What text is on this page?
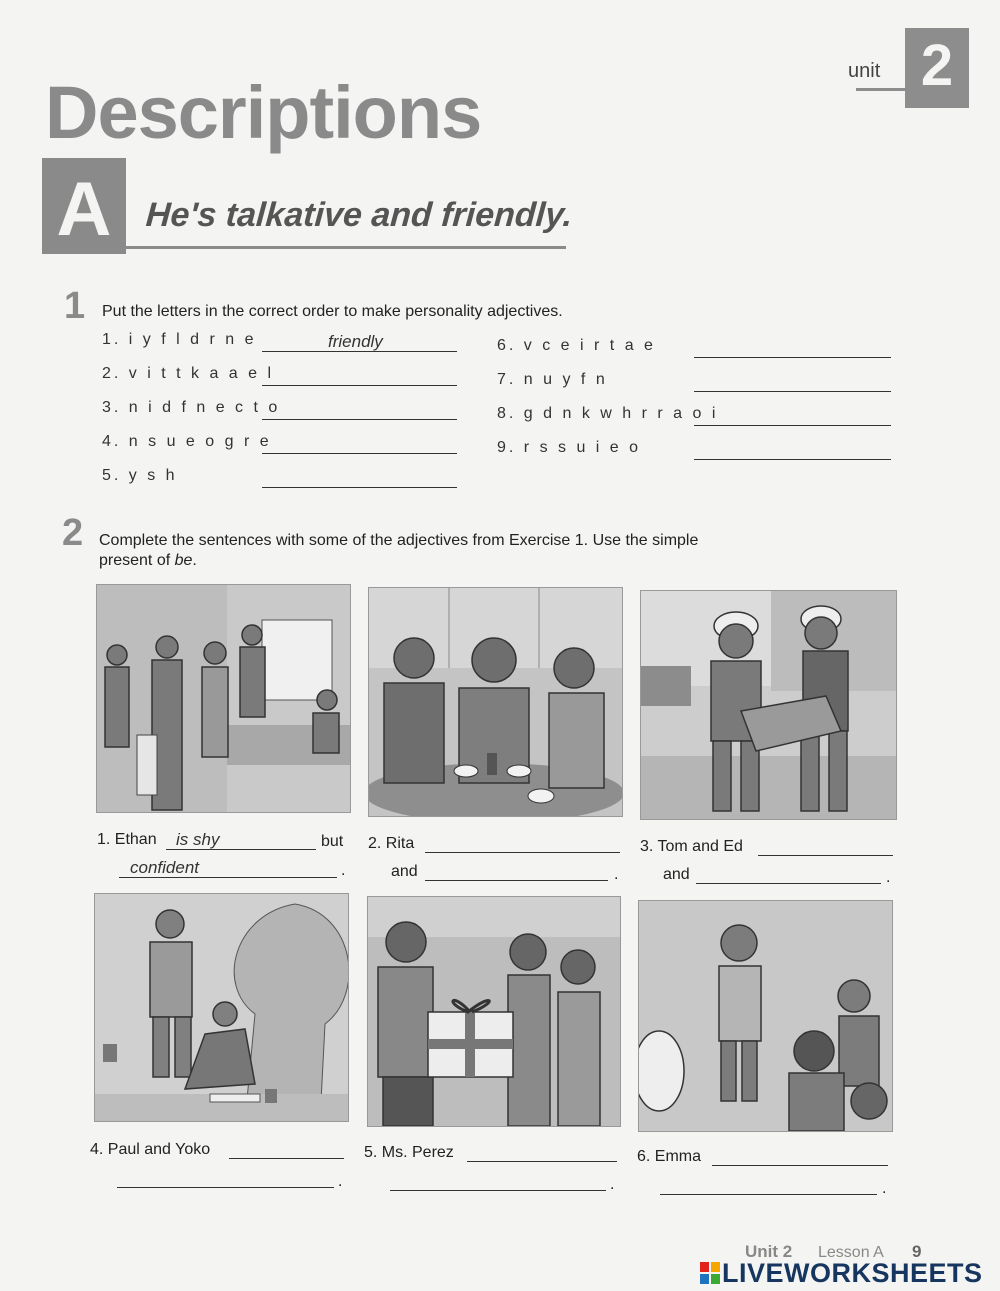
unit 2
Descriptions
A He's talkative and friendly.
1 Put the letters in the correct order to make personality adjectives.
1. i y f l d r n e	friendly
2. v i t t k a a e l
3. n i d f n e c t o
4. n s u e o g r e
5. y s h
6. v c e i r t a e
7. n u y f n
8. g d n k w h r r a o i
9. r s s u i e o
2 Complete the sentences with some of the adjectives from Exercise 1. Use the simple
present of be.
1. Ethan is shy	but
confident	.
2. Rita
and	.
3. Tom and Ed
and	.
4. Paul and Yoko
.
5. Ms. Perez
.
6. Emma
.
Unit 2 Lesson A 9
LIVEWORKSHEETS
